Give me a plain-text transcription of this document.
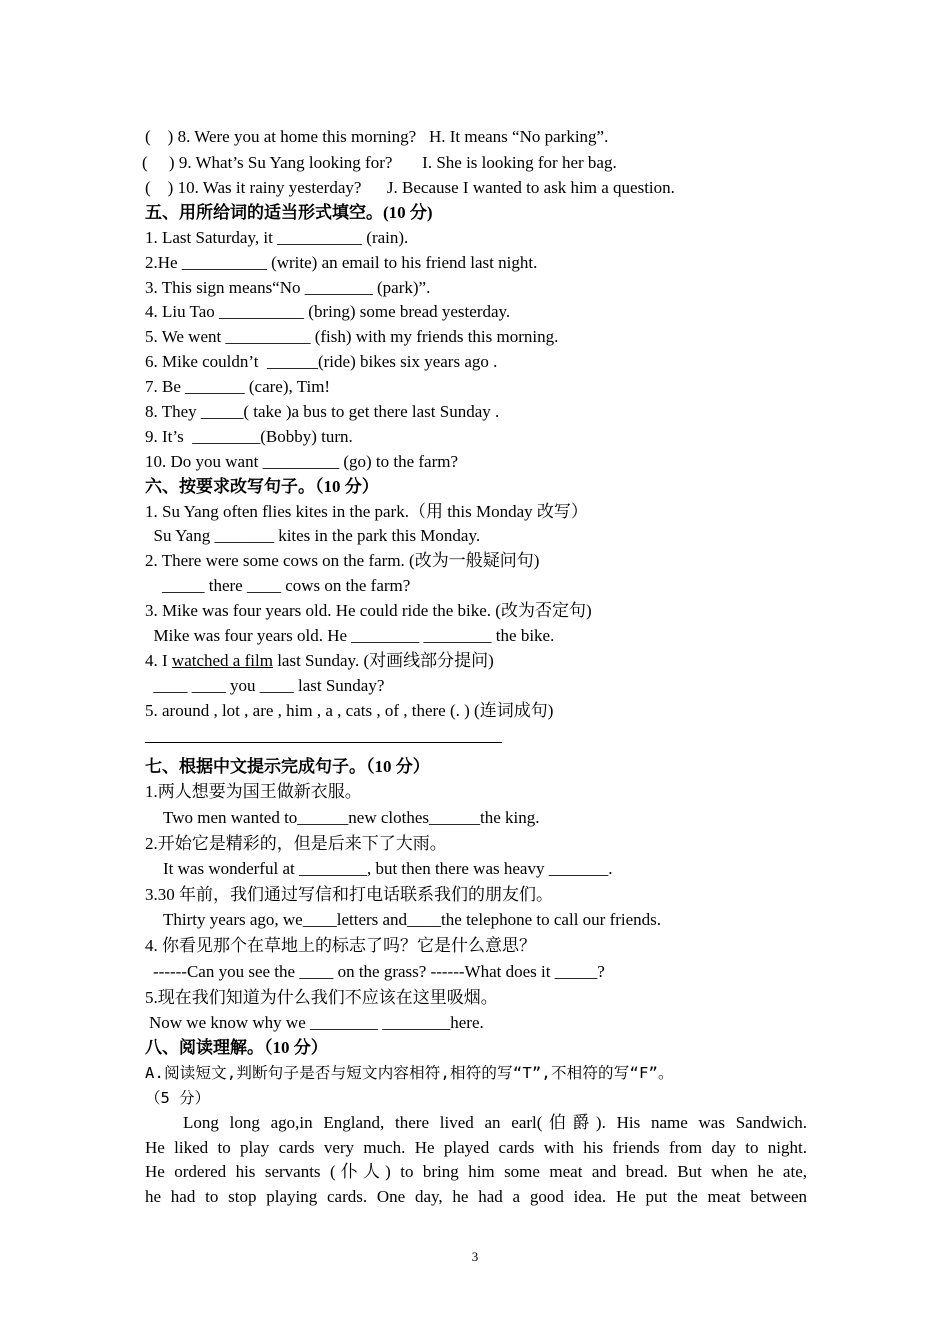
(    ) 8. Were you at home this morning?   H. It means “No parking”.
(     ) 9. What’s Su Yang looking for?       I. She is looking for her bag.
(    ) 10. Was it rainy yesterday?      J. Because I wanted to ask him a question.
五、用所给词的适当形式填空。(10 分)
1. Last Saturday, it __________ (rain).
2.He __________ (write) an email to his friend last night.
3. This sign means“No ________ (park)”.
4. Liu Tao __________ (bring) some bread yesterday.
5. We went __________ (fish) with my friends this morning.
6. Mike couldn’t  ______(ride) bikes six years ago .
7. Be _______ (care), Tim!
8. They _____( take )a bus to get there last Sunday .
9. It’s  ________(Bobby) turn.
10. Do you want _________ (go) to the farm?
六、按要求改写句子。（10 分）
1. Su Yang often flies kites in the park.（用 this Monday 改写）
Su Yang _______ kites in the park this Monday.
2. There were some cows on the farm. (改为一般疑问句)
_____ there ____ cows on the farm?
3. Mike was four years old. He could ride the bike. (改为否定句)
Mike was four years old. He ________ ________ the bike.
4. I watched a film last Sunday. (对画线部分提问)
____ ____ you ____ last Sunday?
5. around , lot , are , him , a , cats , of , there (. ) (连词成句)
七、根据中文提示完成句子。（10 分）
1.两人想要为国王做新衣服。
Two men wanted to______new clothes______the king.
2.开始它是精彩的，但是后来下了大雨。
It was wonderful at ________, but then there was heavy _______.
3.30 年前，我们通过写信和打电话联系我们的朋友们。
Thirty years ago, we____letters and____the telephone to call our friends.
4. 你看见那个在草地上的标志了吗？它是什么意思？
------Can you see the ____ on the grass? ------What does it _____?
5.现在我们知道为什么我们不应该在这里吸烟。
Now we know why we ________ ________here.
八、阅读理解。（10 分）
A.阅读短文,判断句子是否与短文内容相符,相符的写“T”,不相符的写“F”。
（5 分）
Long long ago,in England, there lived an earl(伯爵). His name was Sandwich.
He liked to play cards very much. He played cards with his friends from day to night.
He ordered his servants (仆人) to bring him some meat and bread. But when he ate,
he had to stop playing cards. One day, he had a good idea. He put the meat between
3
